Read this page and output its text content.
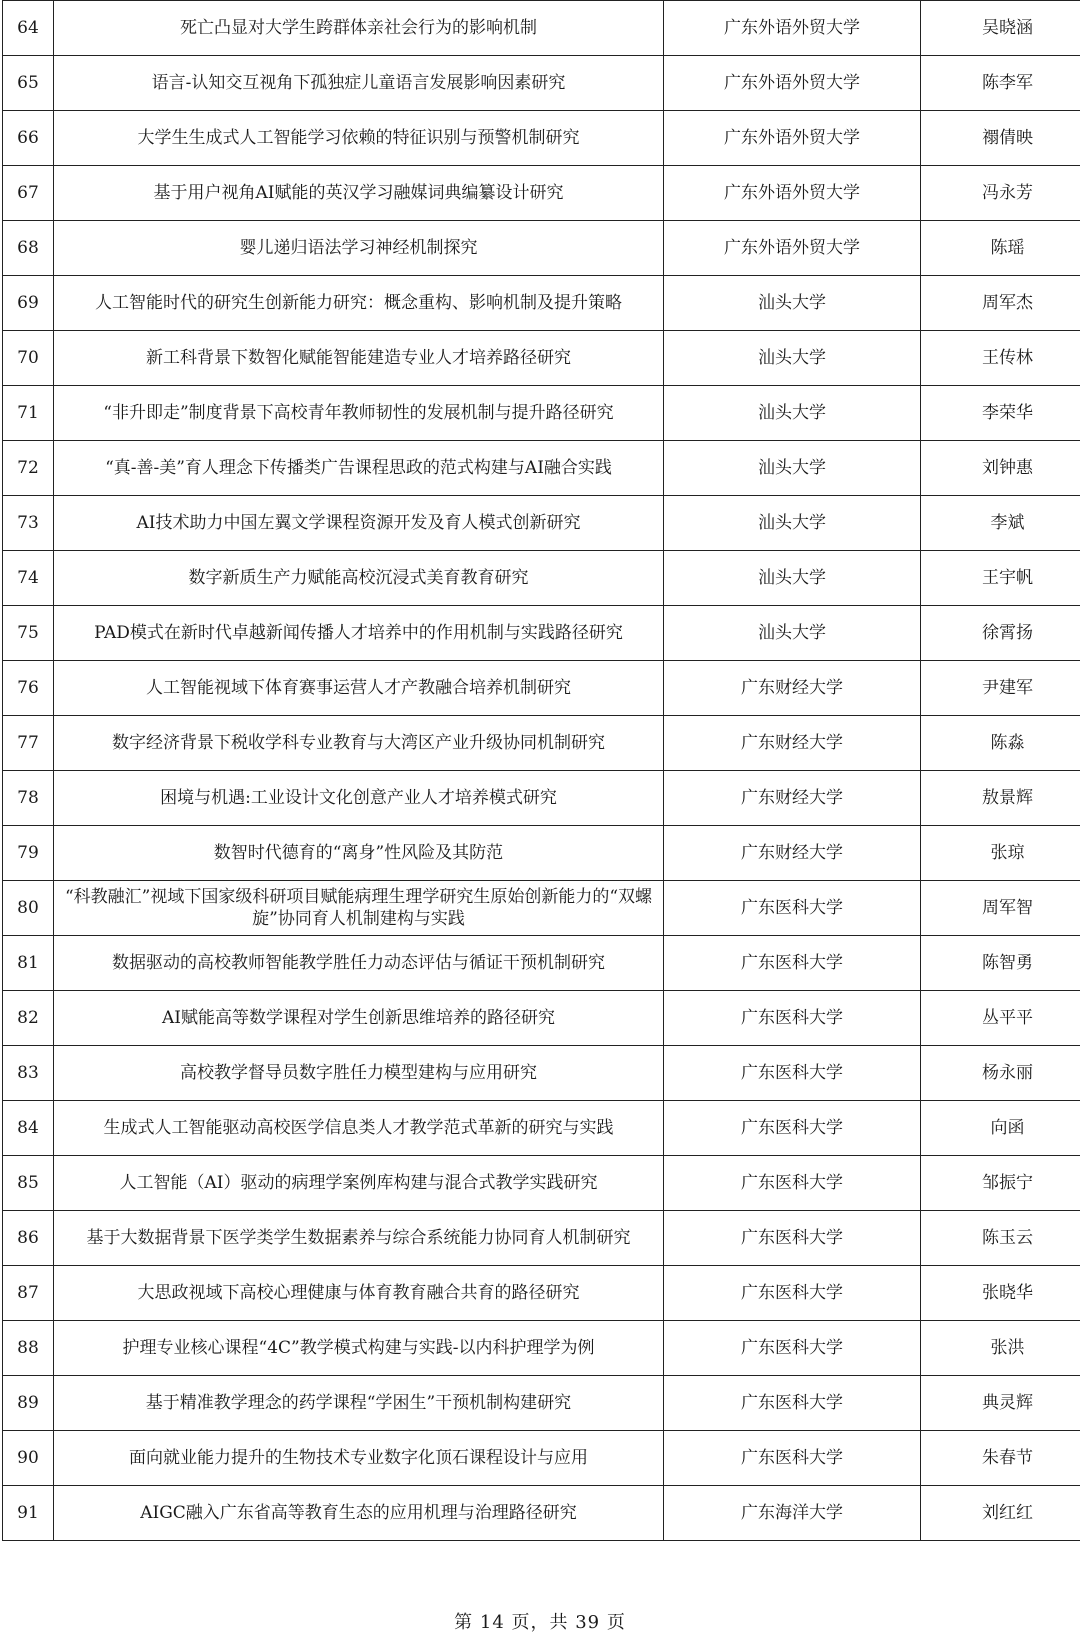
64	死亡凸显对大学生跨群体亲社会行为的影响机制	广东外语外贸大学	吴晓涵
65	语言-认知交互视角下孤独症儿童语言发展影响因素研究	广东外语外贸大学	陈李军
66	大学生生成式人工智能学习依赖的特征识别与预警机制研究	广东外语外贸大学	禤倩映
67	基于用户视角AI赋能的英汉学习融媒词典编纂设计研究	广东外语外贸大学	冯永芳
68	婴儿递归语法学习神经机制探究	广东外语外贸大学	陈瑶
69	人工智能时代的研究生创新能力研究：概念重构、影响机制及提升策略	汕头大学	周军杰
70	新工科背景下数智化赋能智能建造专业人才培养路径研究	汕头大学	王传林
71	“非升即走”制度背景下高校青年教师韧性的发展机制与提升路径研究	汕头大学	李荣华
72	“真-善-美”育人理念下传播类广告课程思政的范式构建与AI融合实践	汕头大学	刘钟惠
73	AI技术助力中国左翼文学课程资源开发及育人模式创新研究	汕头大学	李斌
74	数字新质生产力赋能高校沉浸式美育教育研究	汕头大学	王宇帆
75	PAD模式在新时代卓越新闻传播人才培养中的作用机制与实践路径研究	汕头大学	徐霄扬
76	人工智能视域下体育赛事运营人才产教融合培养机制研究	广东财经大学	尹建军
77	数字经济背景下税收学科专业教育与大湾区产业升级协同机制研究	广东财经大学	陈淼
78	困境与机遇:工业设计文化创意产业人才培养模式研究	广东财经大学	敖景辉
79	数智时代德育的“离身”性风险及其防范	广东财经大学	张琼
80	“科教融汇”视域下国家级科研项目赋能病理生理学研究生原始创新能力的“双螺旋”协同育人机制建构与实践	广东医科大学	周军智
81	数据驱动的高校教师智能教学胜任力动态评估与循证干预机制研究	广东医科大学	陈智勇
82	AI赋能高等数学课程对学生创新思维培养的路径研究	广东医科大学	丛平平
83	高校教学督导员数字胜任力模型建构与应用研究	广东医科大学	杨永丽
84	生成式人工智能驱动高校医学信息类人才教学范式革新的研究与实践	广东医科大学	向函
85	人工智能（AI）驱动的病理学案例库构建与混合式教学实践研究	广东医科大学	邹振宁
86	基于大数据背景下医学类学生数据素养与综合系统能力协同育人机制研究	广东医科大学	陈玉云
87	大思政视域下高校心理健康与体育教育融合共育的路径研究	广东医科大学	张晓华
88	护理专业核心课程“4C”教学模式构建与实践-以内科护理学为例	广东医科大学	张洪
89	基于精准教学理念的药学课程“学困生”干预机制构建研究	广东医科大学	典灵辉
90	面向就业能力提升的生物技术专业数字化顶石课程设计与应用	广东医科大学	朱春节
91	AIGC融入广东省高等教育生态的应用机理与治理路径研究	广东海洋大学	刘红红
第 14 页，共 39 页
